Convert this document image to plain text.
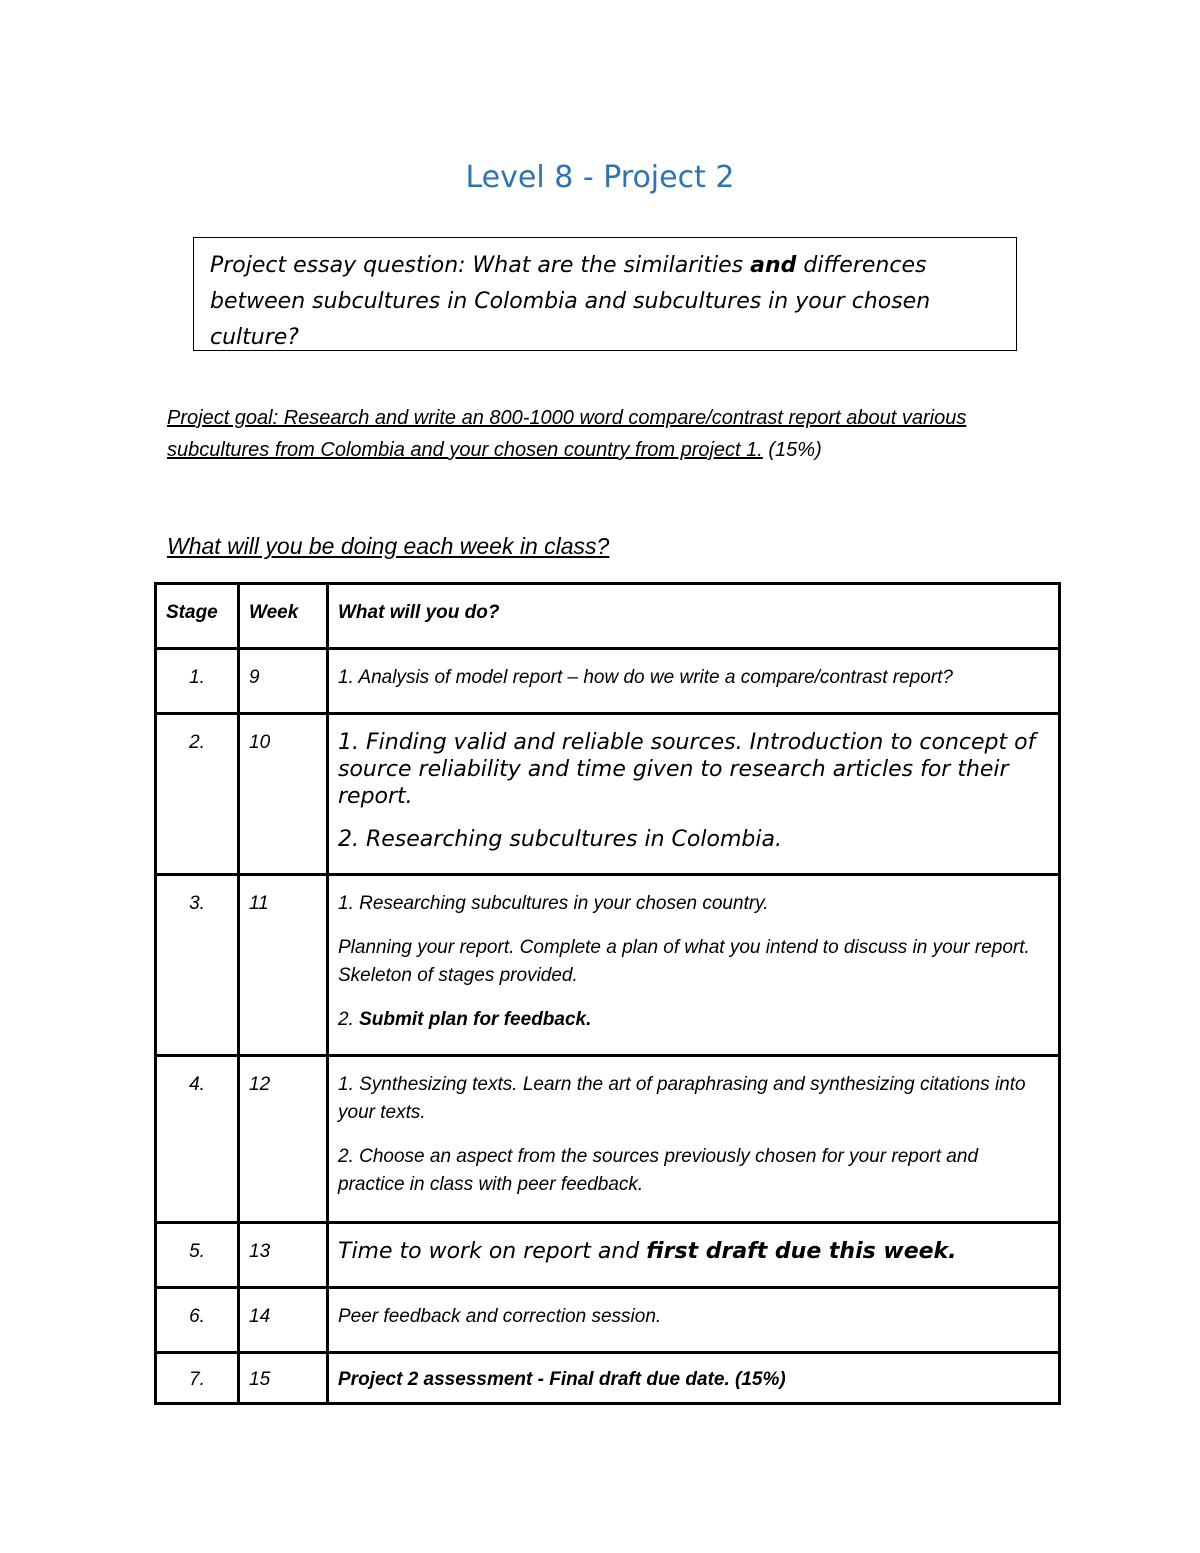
Level 8 - Project 2
Project essay question: What are the similarities and differences between subcultures in Colombia and subcultures in your chosen culture?

Project goal: Research and write an 800-1000 word compare/contrast report about various subcultures from Colombia and your chosen country from project 1. (15%)

What will you be doing each week in class?
Stage	Week	What will you do?
1.	9	1. Analysis of model report – how do we write a compare/contrast report?

2.	10	1. Finding valid and reliable sources. Introduction to concept of source reliability and time given to research articles for their report.
2. Researching subcultures in Colombia.

3.	11	1. Researching subcultures in your chosen country.
Planning your report. Complete a plan of what you intend to discuss in your report. Skeleton of stages provided.
2. Submit plan for feedback.

4.	12	1. Synthesizing texts. Learn the art of paraphrasing and synthesizing citations into your texts.
2. Choose an aspect from the sources previously chosen for your report and practice in class with peer feedback.

5.	13	Time to work on report and first draft due this week.

6.	14	Peer feedback and correction session.

7.	15	Project 2 assessment - Final draft due date. (15%)
